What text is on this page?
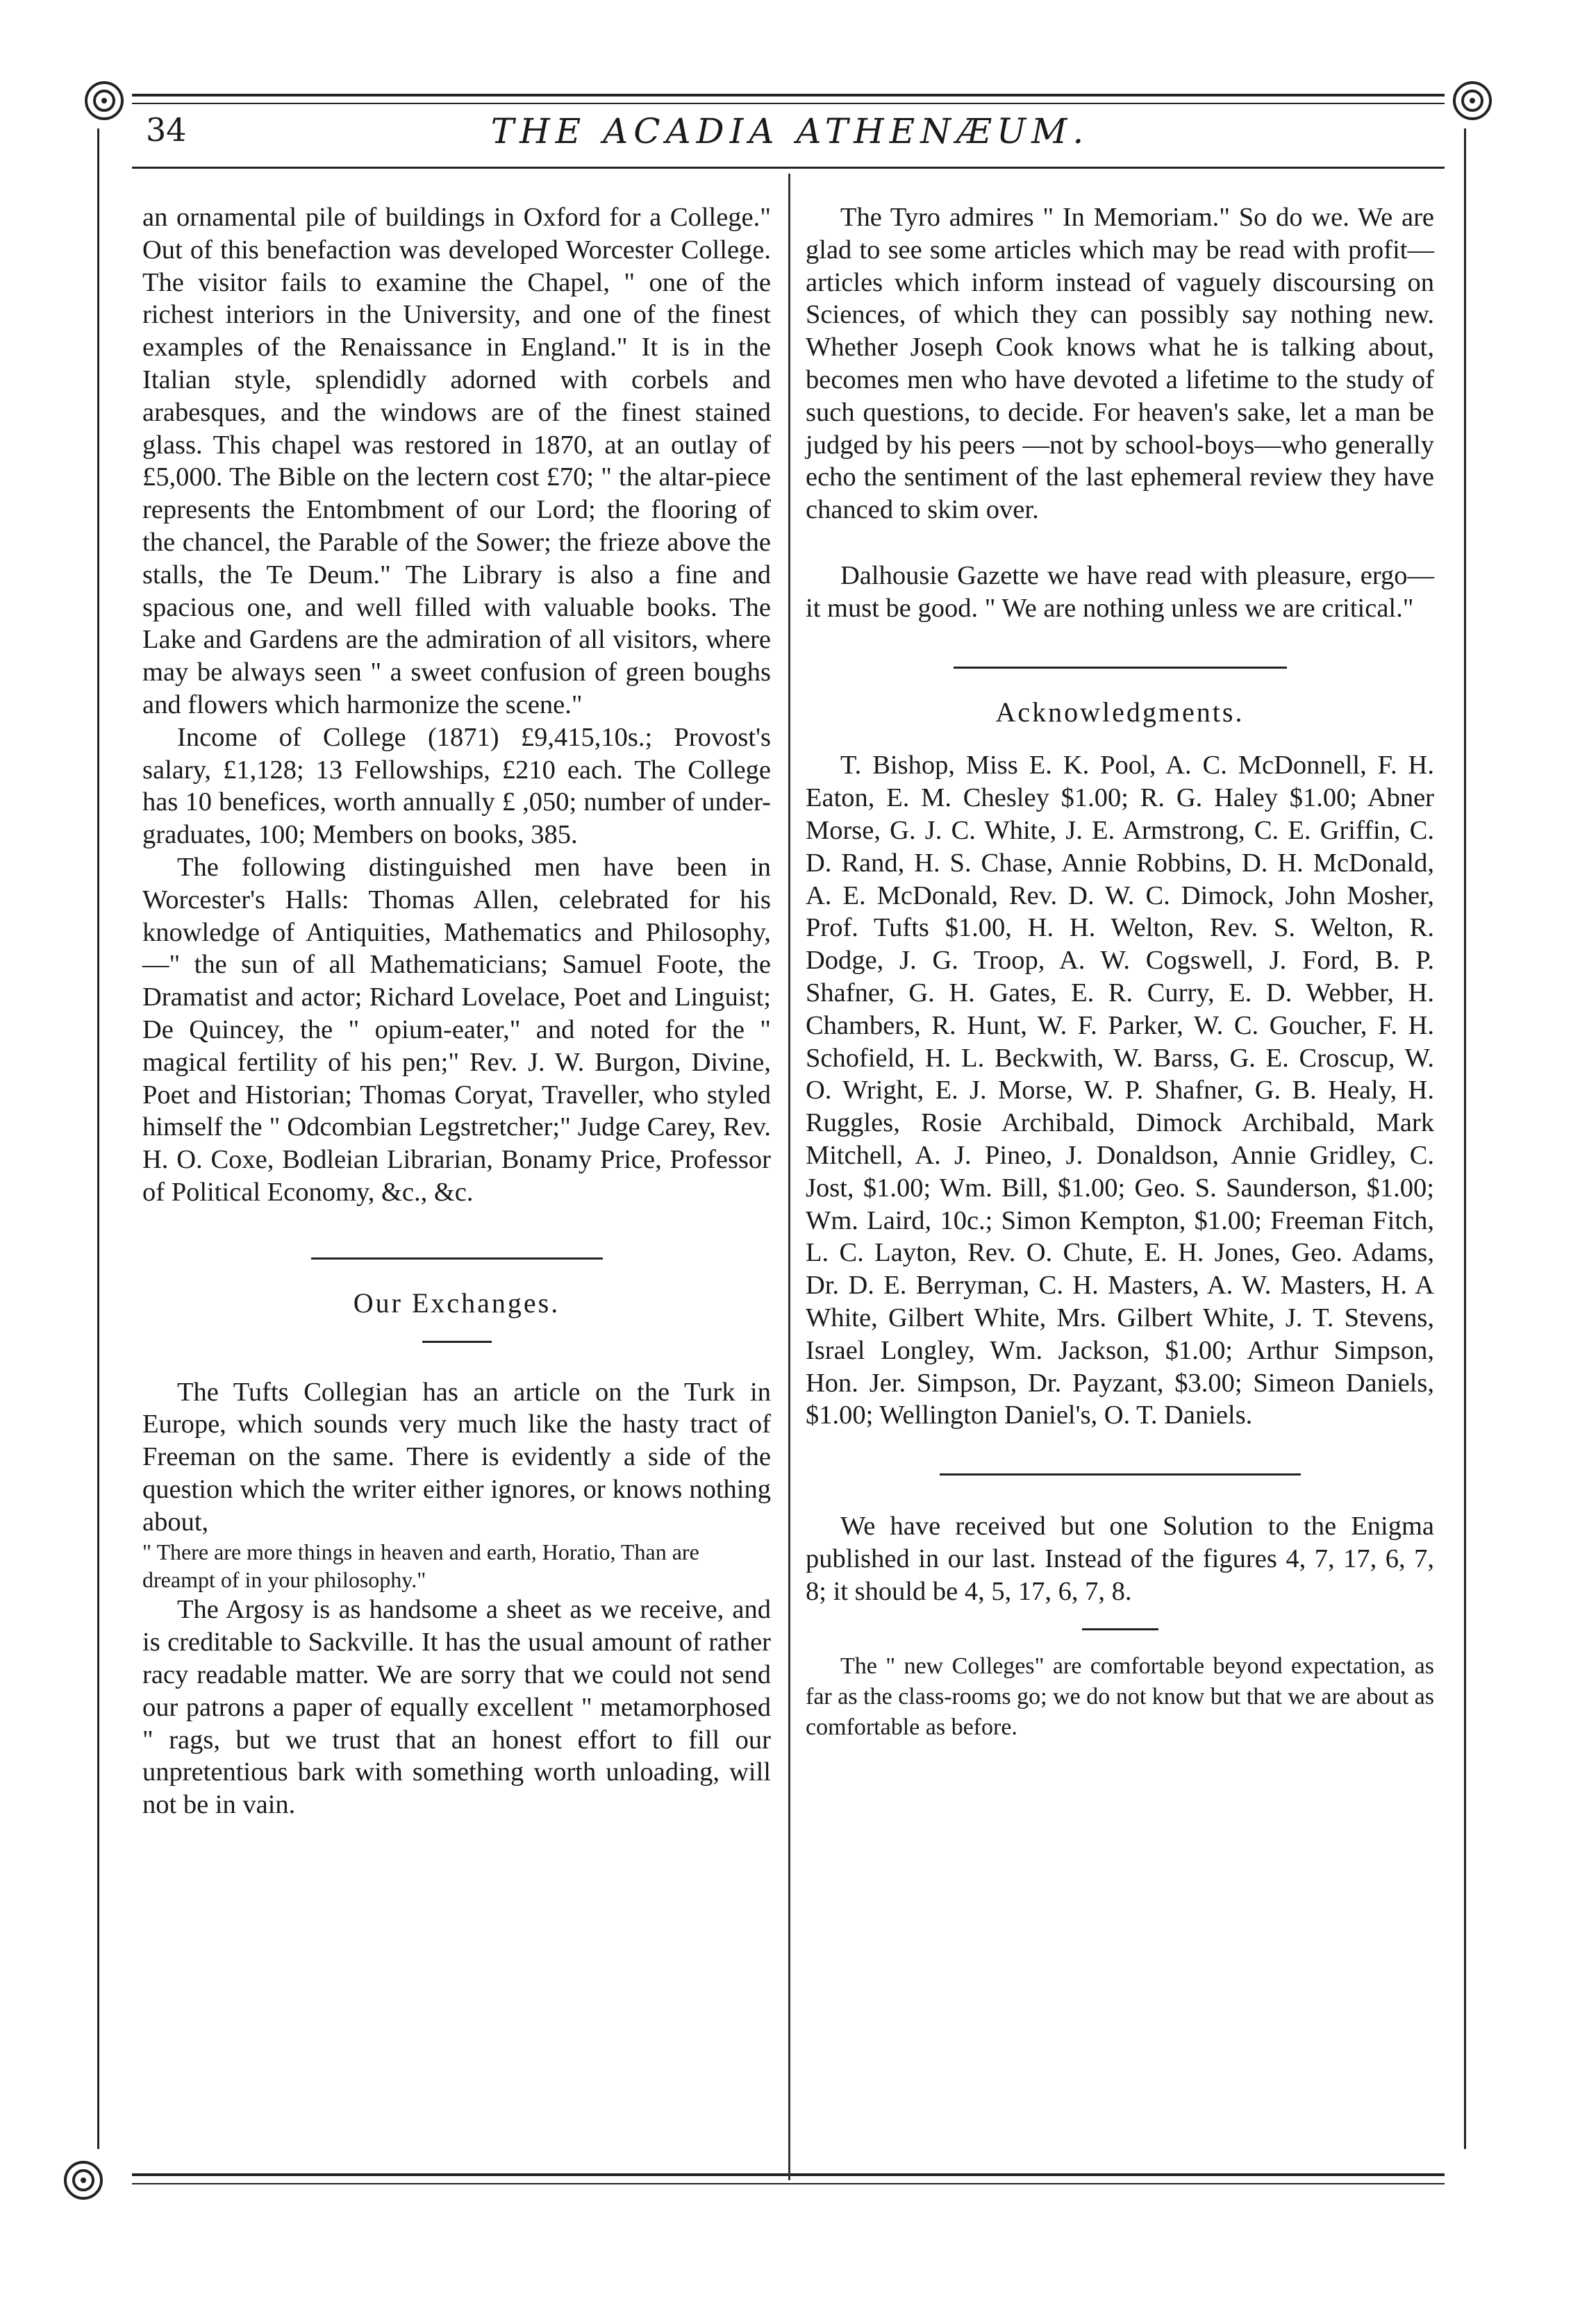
34	THE ACADIA ATHENÆUM.

an ornamental pile of buildings in Oxford for a College." Out of this benefaction was developed Worcester College. The visitor fails to examine the Chapel, " one of the richest interiors in the University, and one of the finest examples of the Renaissance in England." It is in the Italian style, splendidly adorned with corbels and arabesques, and the windows are of the finest stained glass. This chapel was restored in 1870, at an outlay of £5,000. The Bible on the lectern cost £70; " the altar-piece represents the Entombment of our Lord; the flooring of the chancel, the Parable of the Sower; the frieze above the stalls, the Te Deum." The Library is also a fine and spacious one, and well filled with valuable books. The Lake and Gardens are the admiration of all visitors, where may be always seen " a sweet confusion of green boughs and flowers which harmonize the scene."

Income of College (1871) £9,415,10s.; Provost's salary, £1,128; 13 Fellowships, £210 each. The College has 10 benefices, worth annually £ ,050; number of under-graduates, 100; Members on books, 385.

The following distinguished men have been in Worcester's Halls: Thomas Allen, celebrated for his knowledge of Antiquities, Mathematics and Philosophy,—" the sun of all Mathematicians; Samuel Foote, the Dramatist and actor; Richard Lovelace, Poet and Linguist; De Quincey, the " opium-eater," and noted for the " magical fertility of his pen;" Rev. J. W. Burgon, Divine, Poet and Historian; Thomas Coryat, Traveller, who styled himself the " Odcombian Legstretcher;" Judge Carey, Rev. H. O. Coxe, Bodleian Librarian, Bonamy Price, Professor of Political Economy, &c., &c.

Our Exchanges.

The Tufts Collegian has an article on the Turk in Europe, which sounds very much like the hasty tract of Freeman on the same. There is evidently a side of the question which the writer either ignores, or knows nothing about,

" There are more things in heaven and earth, Horatio, Than are dreampt of in your philosophy."

The Argosy is as handsome a sheet as we receive, and is creditable to Sackville. It has the usual amount of rather racy readable matter. We are sorry that we could not send our patrons a paper of equally excellent " metamorphosed " rags, but we trust that an honest effort to fill our unpretentious bark with something worth unloading, will not be in vain.

The Tyro admires " In Memoriam." So do we. We are glad to see some articles which may be read with profit—articles which inform instead of vaguely discoursing on Sciences, of which they can possibly say nothing new. Whether Joseph Cook knows what he is talking about, becomes men who have devoted a lifetime to the study of such questions, to decide. For heaven's sake, let a man be judged by his peers —not by school-boys—who generally echo the sentiment of the last ephemeral review they have chanced to skim over.

Dalhousie Gazette we have read with pleasure, ergo—it must be good. " We are nothing unless we are critical."

Acknowledgments.

T. Bishop, Miss E. K. Pool, A. C. McDonnell, F. H. Eaton, E. M. Chesley $1.00; R. G. Haley $1.00; Abner Morse, G. J. C. White, J. E. Armstrong, C. E. Griffin, C. D. Rand, H. S. Chase, Annie Robbins, D. H. McDonald, A. E. McDonald, Rev. D. W. C. Dimock, John Mosher, Prof. Tufts $1.00, H. H. Welton, Rev. S. Welton, R. Dodge, J. G. Troop, A. W. Cogswell, J. Ford, B. P. Shafner, G. H. Gates, E. R. Curry, E. D. Webber, H. Chambers, R. Hunt, W. F. Parker, W. C. Goucher, F. H. Schofield, H. L. Beckwith, W. Barss, G. E. Croscup, W. O. Wright, E. J. Morse, W. P. Shafner, G. B. Healy, H. Ruggles, Rosie Archibald, Dimock Archibald, Mark Mitchell, A. J. Pineo, J. Donaldson, Annie Gridley, C. Jost, $1.00; Wm. Bill, $1.00; Geo. S. Saunderson, $1.00; Wm. Laird, 10c.; Simon Kempton, $1.00; Freeman Fitch, L. C. Layton, Rev. O. Chute, E. H. Jones, Geo. Adams, Dr. D. E. Berryman, C. H. Masters, A. W. Masters, H. A White, Gilbert White, Mrs. Gilbert White, J. T. Stevens, Israel Longley, Wm. Jackson, $1.00; Arthur Simpson, Hon. Jer. Simpson, Dr. Payzant, $3.00; Simeon Daniels, $1.00; Wellington Daniel's, O. T. Daniels.

We have received but one Solution to the Enigma published in our last. Instead of the figures 4, 7, 17, 6, 7, 8; it should be 4, 5, 17, 6, 7, 8.

The " new Colleges" are comfortable beyond expectation, as far as the class-rooms go; we do not know but that we are about as comfortable as before.
